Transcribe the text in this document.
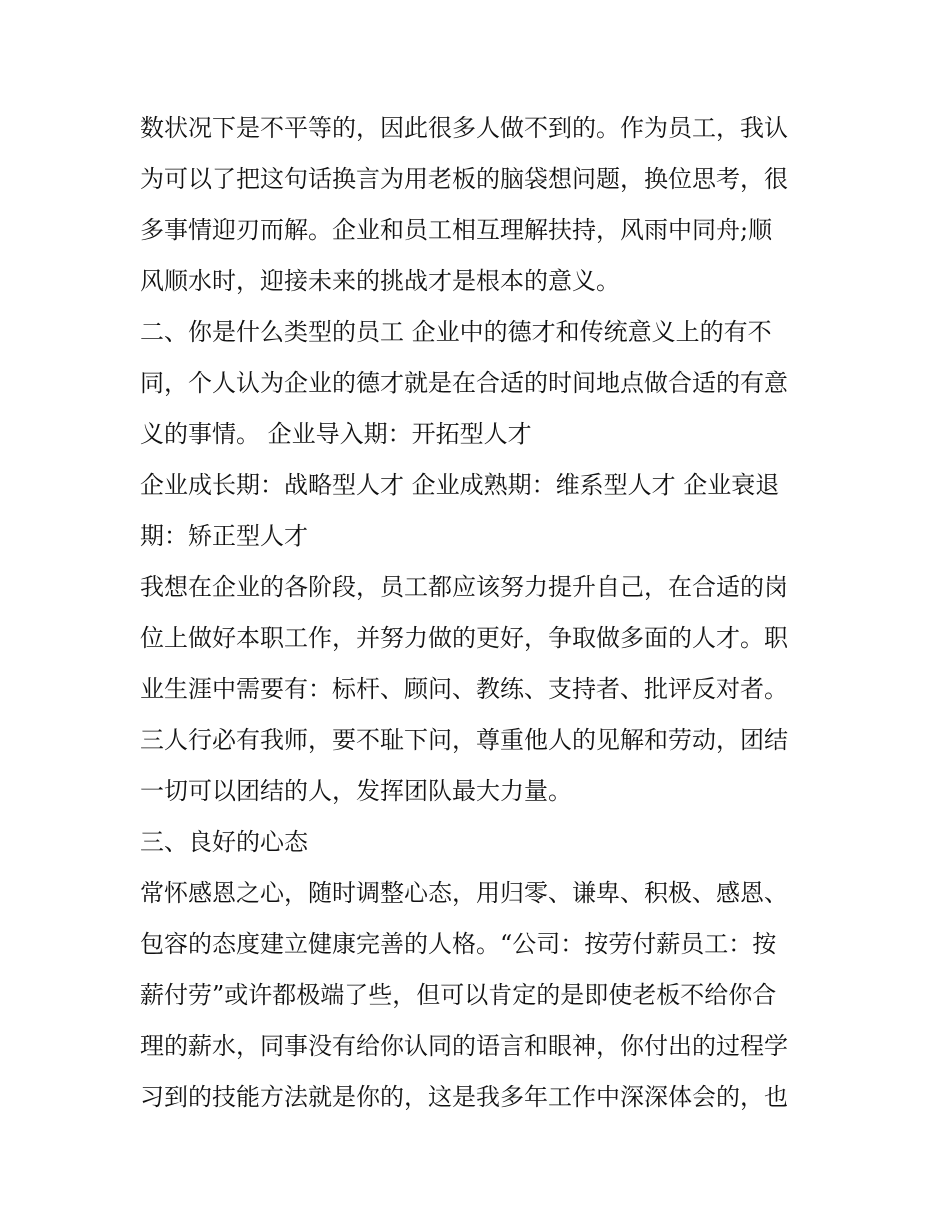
数状况下是不平等的，因此很多人做不到的。作为员工，我认
为可以了把这句话换言为用老板的脑袋想问题，换位思考，很
多事情迎刃而解。企业和员工相互理解扶持，风雨中同舟;顺
风顺水时，迎接未来的挑战才是根本的意义。
二、你是什么类型的员工 企业中的德才和传统意义上的有不
同，个人认为企业的德才就是在合适的时间地点做合适的有意
义的事情。 企业导入期：开拓型人才
企业成长期：战略型人才 企业成熟期：维系型人才 企业衰退
期：矫正型人才
我想在企业的各阶段，员工都应该努力提升自己，在合适的岗
位上做好本职工作，并努力做的更好，争取做多面的人才。职
业生涯中需要有：标杆、顾问、教练、支持者、批评反对者。
三人行必有我师，要不耻下问，尊重他人的见解和劳动，团结
一切可以团结的人，发挥团队最大力量。
三、良好的心态
常怀感恩之心，随时调整心态，用归零、谦卑、积极、感恩、
包容的态度建立健康完善的人格。“公司：按劳付薪员工：按
薪付劳”或许都极端了些，但可以肯定的是即使老板不给你合
理的薪水，同事没有给你认同的语言和眼神，你付出的过程学
习到的技能方法就是你的，这是我多年工作中深深体会的，也
